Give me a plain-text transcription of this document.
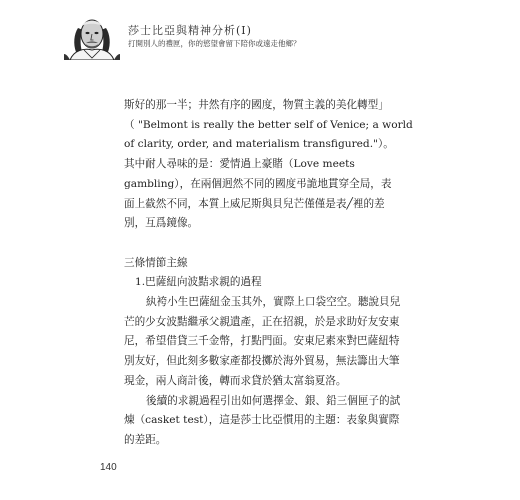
莎士比亞與精神分析(I)
打開別人的禮匣，你的慾望會留下陪你或遠走他鄉？
斯好的那一半；井然有序的國度，物質主義的美化轉型」
（ "Belmont is really the better self of Venice; a world
of clarity, order, and materialism transfigured."）。
其中耐人尋味的是：愛情過上豪賭（Love meets
gambling），在兩個迥然不同的國度弔詭地貫穿全局，表
面上截然不同，本質上威尼斯與貝兒芒僅僅是表╱裡的差
別，互爲鏡像。
三條情節主線
1.巴薩紐向波黠求親的過程
紈袴小生巴薩紐金玉其外，實際上口袋空空。聽說貝兒
芒的少女波黠繼承父親遺產，正在招親，於是求助好友安東
尼，希望借貸三千金幣，打點門面。安東尼素來對巴薩紐特
別友好，但此刻多數家產都投擲於海外貿易，無法籌出大筆
現金，兩人商計後，轉而求貸於猶太富翁夏洛。
後續的求親過程引出如何選擇金、銀、鉛三個匣子的試
煉（casket test），這是莎士比亞慣用的主題：表象與實際
的差距。
140
